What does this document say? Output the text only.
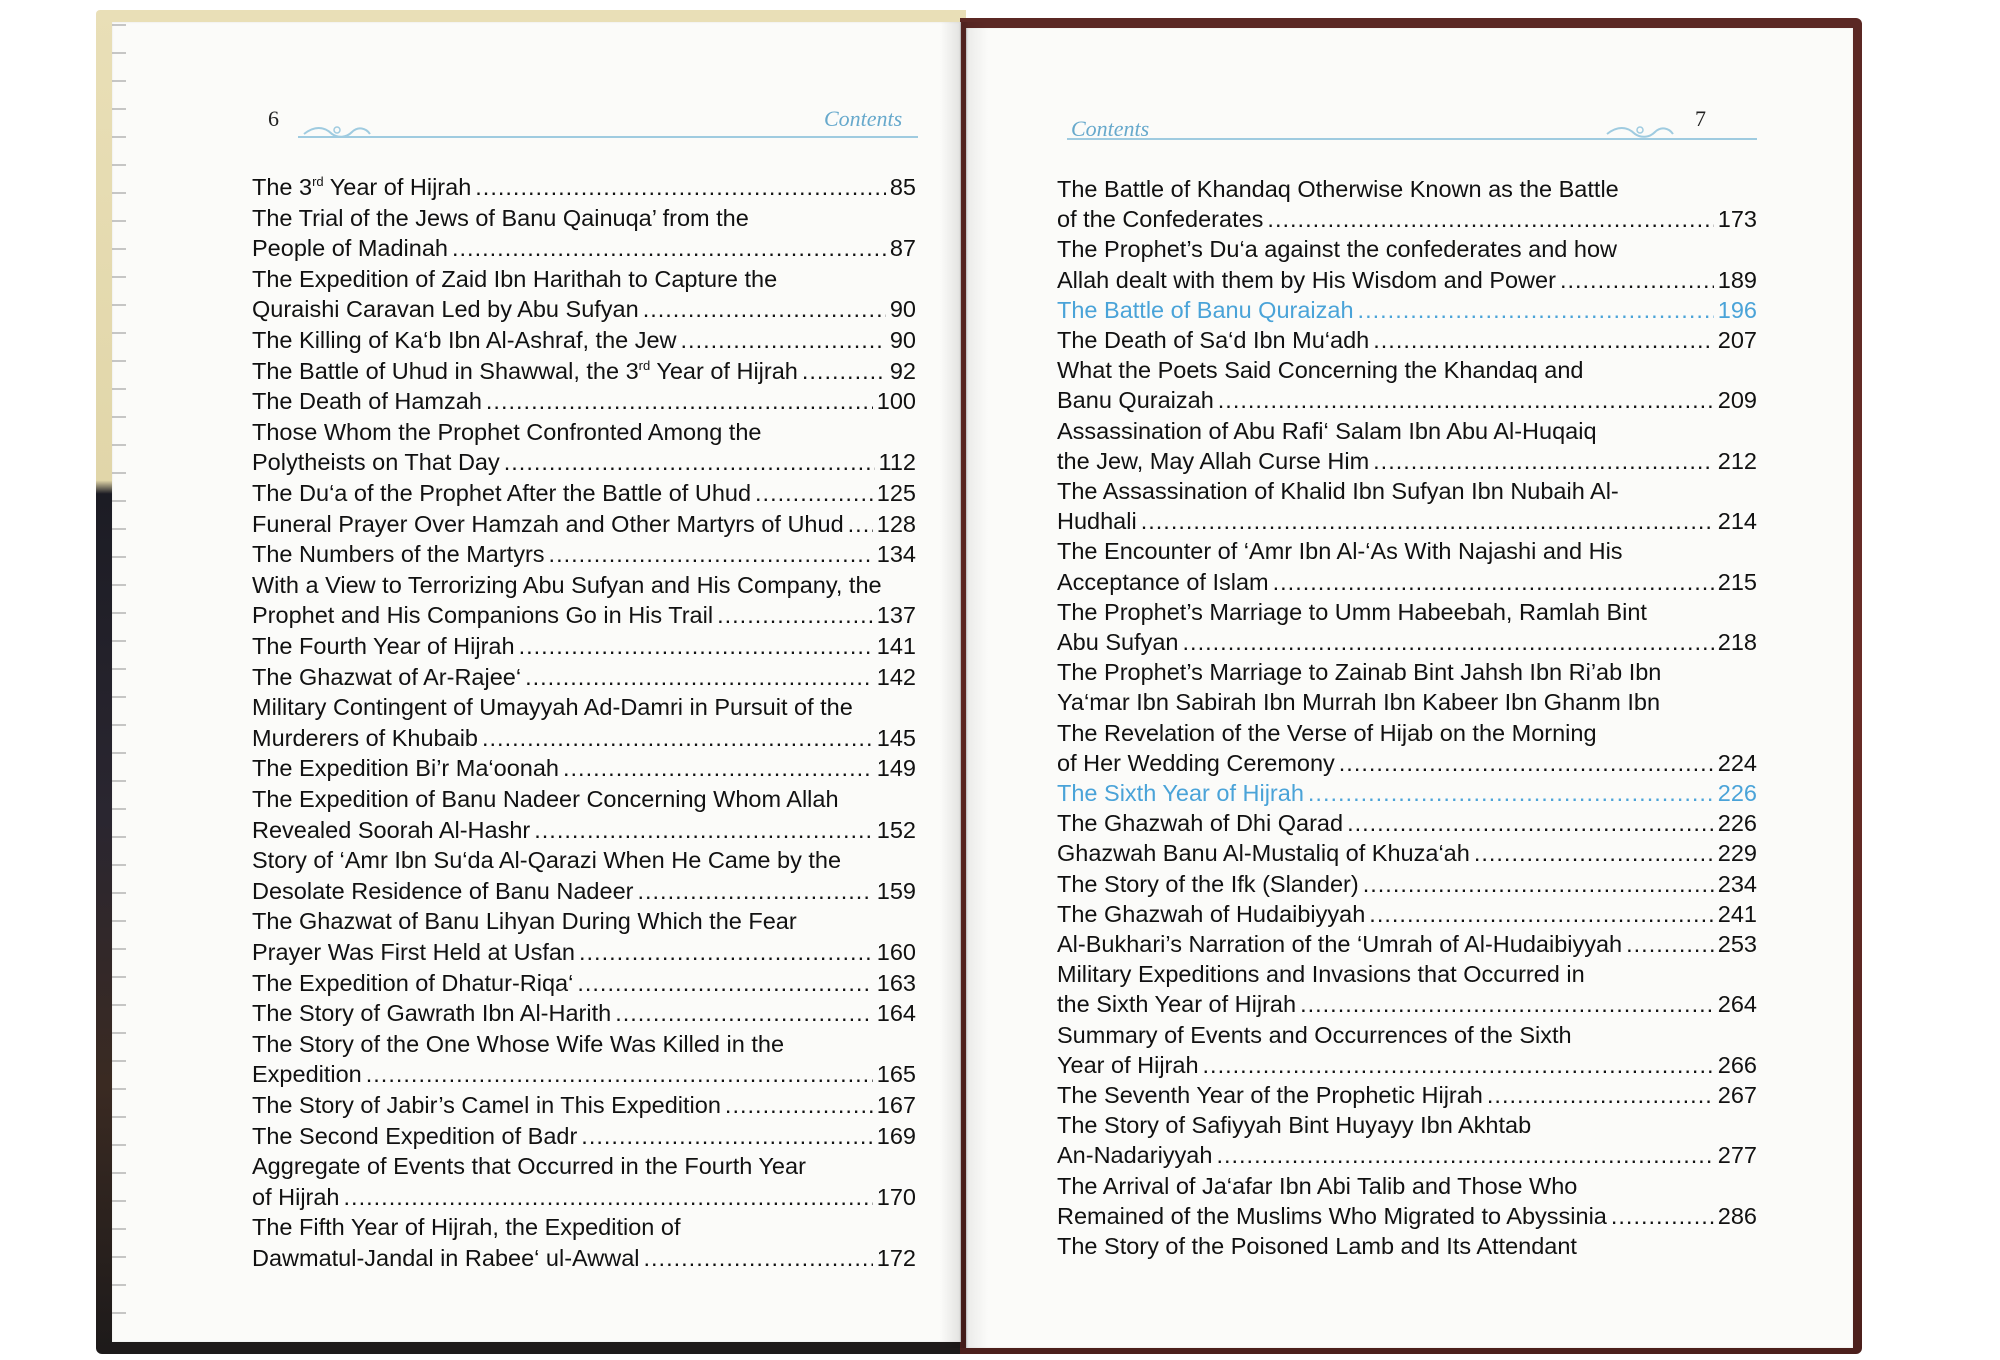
6	Contents
The 3rd Year of Hijrah .....	85
The Trial of the Jews of Banu Qainuqa’ from the
People of Madinah .....	87
The Expedition of Zaid Ibn Harithah to Capture the
Quraishi Caravan Led by Abu Sufyan .....	90
The Killing of Ka‘b Ibn Al-Ashraf, the Jew .....	90
The Battle of Uhud in Shawwal, the 3rd Year of Hijrah .....	92
The Death of Hamzah .....	100
Those Whom the Prophet Confronted Among the
Polytheists on That Day .....	112
The Du‘a of the Prophet After the Battle of Uhud .....	125
Funeral Prayer Over Hamzah and Other Martyrs of Uhud ..... 128
The Numbers of the Martyrs .....	134
With a View to Terrorizing Abu Sufyan and His Company, the
Prophet and His Companions Go in His Trail .....	137
The Fourth Year of Hijrah .....	141
The Ghazwat of Ar-Rajee‘ .....	142
Military Contingent of Umayyah Ad-Damri in Pursuit of the
Murderers of Khubaib .....	145
The Expedition Bi’r Ma‘oonah .....	149
The Expedition of Banu Nadeer Concerning Whom Allah
Revealed Soorah Al-Hashr .....	152
Story of ‘Amr Ibn Su‘da Al-Qarazi When He Came by the
Desolate Residence of Banu Nadeer .....	159
The Ghazwat of Banu Lihyan During Which the Fear
Prayer Was First Held at Usfan .....	160
The Expedition of Dhatur-Riqa‘ .....	163
The Story of Gawrath Ibn Al-Harith .....	164
The Story of the One Whose Wife Was Killed in the
Expedition .....	165
The Story of Jabir’s Camel in This Expedition .....	167
The Second Expedition of Badr .....	169
Aggregate of Events that Occurred in the Fourth Year
of Hijrah .....	170
The Fifth Year of Hijrah, the Expedition of
Dawmatul-Jandal in Rabee‘ ul-Awwal .....	172
Contents	7
The Battle of Khandaq Otherwise Known as the Battle
of the Confederates .....	173
The Prophet’s Du‘a against the confederates and how
Allah dealt with them by His Wisdom and Power .....	189
The Battle of Banu Quraizah .....	196
The Death of Sa‘d Ibn Mu‘adh .....	207
What the Poets Said Concerning the Khandaq and
Banu Quraizah .....	209
Assassination of Abu Rafi‘ Salam Ibn Abu Al-Huqaiq
the Jew, May Allah Curse Him .....	212
The Assassination of Khalid Ibn Sufyan Ibn Nubaih Al-
Hudhali .....	214
The Encounter of ‘Amr Ibn Al-‘As With Najashi and His
Acceptance of Islam .....	215
The Prophet’s Marriage to Umm Habeebah, Ramlah Bint
Abu Sufyan .....	218
The Prophet’s Marriage to Zainab Bint Jahsh Ibn Ri’ab Ibn
Ya‘mar Ibn Sabirah Ibn Murrah Ibn Kabeer Ibn Ghanm Ibn
The Revelation of the Verse of Hijab on the Morning
of Her Wedding Ceremony .....	224
The Sixth Year of Hijrah .....	226
The Ghazwah of Dhi Qarad .....	226
Ghazwah Banu Al-Mustaliq of Khuza‘ah .....	229
The Story of the Ifk (Slander) .....	234
The Ghazwah of Hudaibiyyah .....	241
Al-Bukhari’s Narration of the ‘Umrah of Al-Hudaibiyyah .....	253
Military Expeditions and Invasions that Occurred in
the Sixth Year of Hijrah .....	264
Summary of Events and Occurrences of the Sixth
Year of Hijrah .....	266
The Seventh Year of the Prophetic Hijrah .....	267
The Story of Safiyyah Bint Huyayy Ibn Akhtab
An-Nadariyyah .....	277
The Arrival of Ja‘afar Ibn Abi Talib and Those Who
Remained of the Muslims Who Migrated to Abyssinia .....	286
The Story of the Poisoned Lamb and Its Attendant
